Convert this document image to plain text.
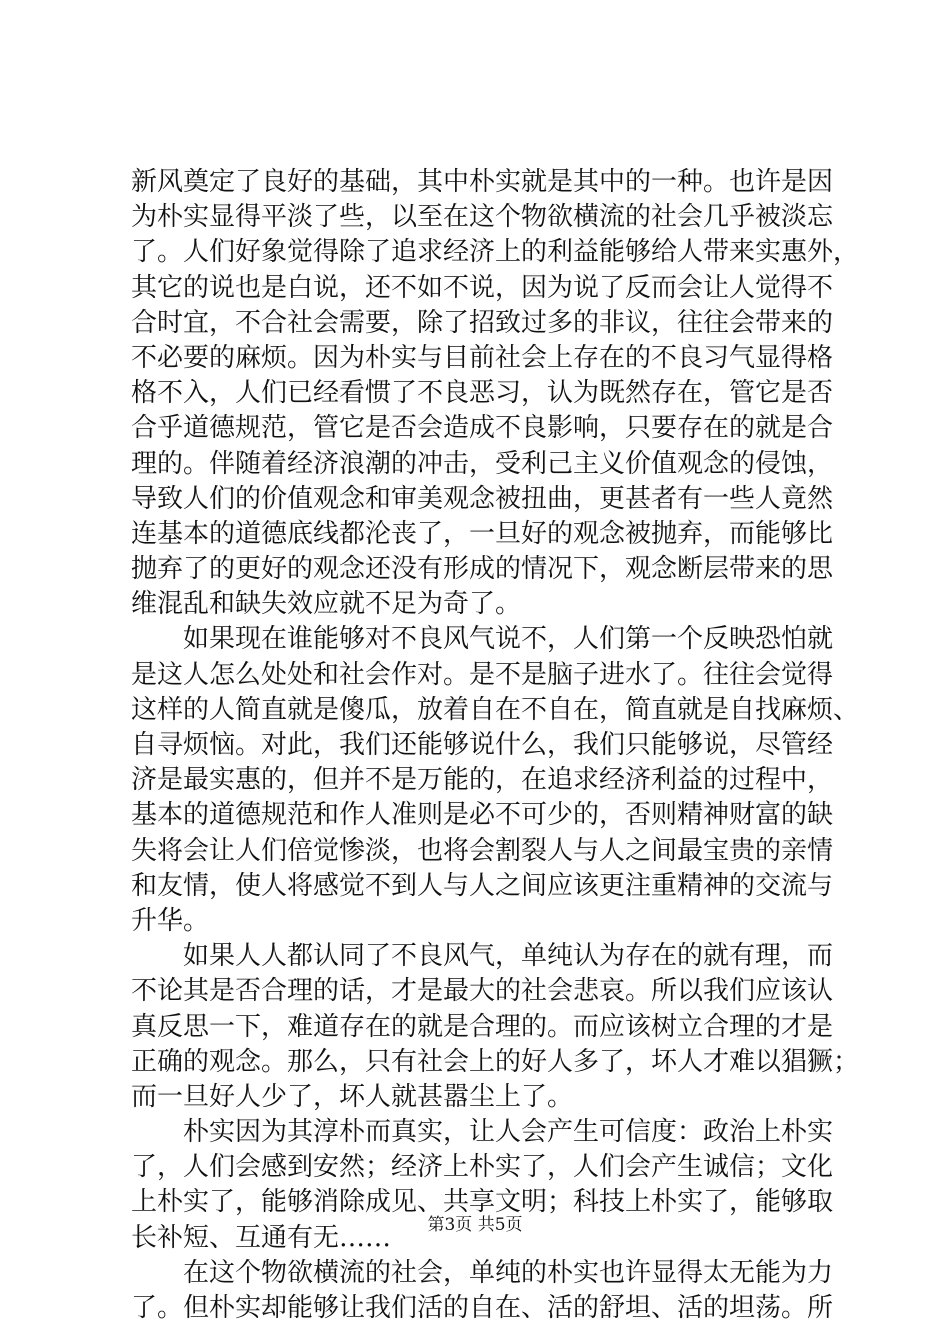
新风奠定了良好的基础，其中朴实就是其中的一种。也许是因
为朴实显得平淡了些，以至在这个物欲横流的社会几乎被淡忘
了。人们好象觉得除了追求经济上的利益能够给人带来实惠外，
其它的说也是白说，还不如不说，因为说了反而会让人觉得不
合时宜，不合社会需要，除了招致过多的非议，往往会带来的
不必要的麻烦。因为朴实与目前社会上存在的不良习气显得格
格不入，人们已经看惯了不良恶习，认为既然存在，管它是否
合乎道德规范，管它是否会造成不良影响，只要存在的就是合
理的。伴随着经济浪潮的冲击，受利己主义价值观念的侵蚀，
导致人们的价值观念和审美观念被扭曲，更甚者有一些人竟然
连基本的道德底线都沦丧了，一旦好的观念被抛弃，而能够比
抛弃了的更好的观念还没有形成的情况下，观念断层带来的思
维混乱和缺失效应就不足为奇了。
如果现在谁能够对不良风气说不，人们第一个反映恐怕就
是这人怎么处处和社会作对。是不是脑子进水了。往往会觉得
这样的人简直就是傻瓜，放着自在不自在，简直就是自找麻烦、
自寻烦恼。对此，我们还能够说什么，我们只能够说，尽管经
济是最实惠的，但并不是万能的，在追求经济利益的过程中，
基本的道德规范和作人准则是必不可少的，否则精神财富的缺
失将会让人们倍觉惨淡，也将会割裂人与人之间最宝贵的亲情
和友情，使人将感觉不到人与人之间应该更注重精神的交流与
升华。
如果人人都认同了不良风气，单纯认为存在的就有理，而
不论其是否合理的话，才是最大的社会悲哀。所以我们应该认
真反思一下，难道存在的就是合理的。而应该树立合理的才是
正确的观念。那么，只有社会上的好人多了，坏人才难以猖獗；
而一旦好人少了，坏人就甚嚣尘上了。
朴实因为其淳朴而真实，让人会产生可信度：政治上朴实
了，人们会感到安然；经济上朴实了，人们会产生诚信；文化
上朴实了，能够消除成见、共享文明；科技上朴实了，能够取
长补短、互通有无……
在这个物欲横流的社会，单纯的朴实也许显得太无能为力
了。但朴实却能够让我们活的自在、活的舒坦、活的坦荡。所
第3页 共5页
